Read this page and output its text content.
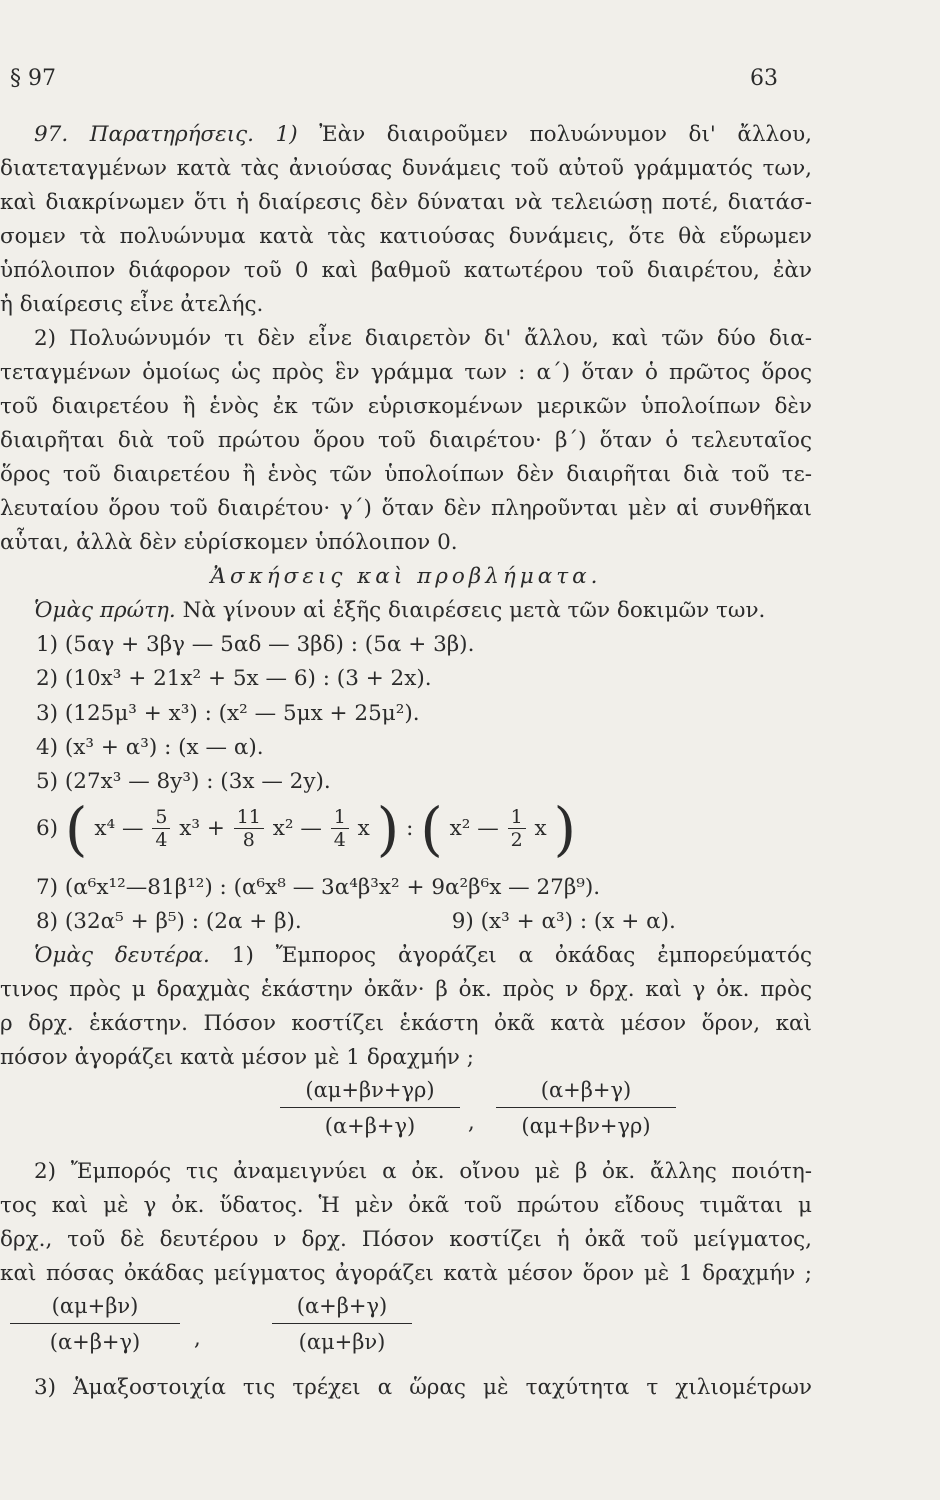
§ 97	63
97. Παρατηρήσεις. 1) Ἐὰν διαιροῦμεν πολυώνυμον δι' ἄλλου,
διατεταγμένων κατὰ τὰς ἀνιούσας δυνάμεις τοῦ αὐτοῦ γράμματός των,
καὶ διακρίνωμεν ὅτι ἡ διαίρεσις δὲν δύναται νὰ τελειώσῃ ποτέ, διατάσ-
σομεν τὰ πολυώνυμα κατὰ τὰς κατιούσας δυνάμεις, ὅτε θὰ εὕρωμεν
ὑπόλοιπον διάφορον τοῦ 0 καὶ βαθμοῦ κατωτέρου τοῦ διαιρέτου, ἐὰν
ἡ διαίρεσις εἶνε ἀτελής.
2) Πολυώνυμόν τι δὲν εἶνε διαιρετὸν δι' ἄλλου, καὶ τῶν δύο δια-
τεταγμένων ὁμοίως ὡς πρὸς ἓν γράμμα των : α΄) ὅταν ὁ πρῶτος ὅρος
τοῦ διαιρετέου ἢ ἑνὸς ἐκ τῶν εὑρισκομένων μερικῶν ὑπολοίπων δὲν
διαιρῆται διὰ τοῦ πρώτου ὅρου τοῦ διαιρέτου· β΄) ὅταν ὁ τελευταῖος
ὅρος τοῦ διαιρετέου ἢ ἑνὸς τῶν ὑπολοίπων δὲν διαιρῆται διὰ τοῦ τε-
λευταίου ὅρου τοῦ διαιρέτου· γ΄) ὅταν δὲν πληροῦνται μὲν αἱ συνθῆκαι
αὗται, ἀλλὰ δὲν εὑρίσκομεν ὑπόλοιπον 0.
Ἀσκήσεις καὶ προβλήματα.
Ὁμὰς πρώτη. Νὰ γίνουν αἱ ἑξῆς διαιρέσεις μετὰ τῶν δοκιμῶν των.
1) (5αγ + 3βγ — 5αδ — 3βδ) : (5α + 3β).
2) (10x³ + 21x² + 5x — 6) : (3 + 2x).
3) (125μ³ + x³) : (x² — 5μx + 25μ²).
4) (x³ + α³) : (x — α).
5) (27x³ — 8y³) : (3x — 2y).
6) ( x⁴ — $\frac{5}{4} x^3 + \frac{11}{8} x^2$ — $\frac{1}{4}$ x ) : ( x² — $\frac{1}{2}$ x )
7) (α⁶x¹²—81β¹²) : (α⁶x⁸ — 3α⁴β³x² + 9α²β⁶x — 27β⁹).
8) (32α⁵ + β⁵) : (2α + β).	9) (x³ + α³) : (x + α).
Ὁμὰς δευτέρα. 1) Ἔμπορος ἀγοράζει α ὀκάδας ἐμπορεύματός
τινος πρὸς μ δραχμὰς ἑκάστην ὀκᾶν· β ὀκ. πρὸς ν δρχ. καὶ γ ὀκ. πρὸς
ρ δρχ. ἑκάστην. Πόσον κοστίζει ἑκάστη ὀκᾶ κατὰ μέσον ὅρον, καὶ
πόσον ἀγοράζει κατὰ μέσον μὲ 1 δραχμήν ;
(αμ+βν+γρ)
(α+β+γ)	,
(α+β+γ)
(αμ+βν+γρ)
2) Ἔμπορός τις ἀναμειγνύει α ὀκ. οἴνου μὲ β ὀκ. ἄλλης ποιότη-
τος καὶ μὲ γ ὀκ. ὕδατος. Ἡ μὲν ὀκᾶ τοῦ πρώτου εἴδους τιμᾶται μ
δρχ., τοῦ δὲ δευτέρου ν δρχ. Πόσον κοστίζει ἡ ὀκᾶ τοῦ μείγματος,
καὶ πόσας ὀκάδας μείγματος ἀγοράζει κατὰ μέσον ὅρον μὲ 1 δραχμήν ;
(αμ+βν)
(α+β+γ)	,
(α+β+γ)
(αμ+βν)
3) Ἁμαξοστοιχία τις τρέχει α ὥρας μὲ ταχύτητα τ χιλιομέτρων
